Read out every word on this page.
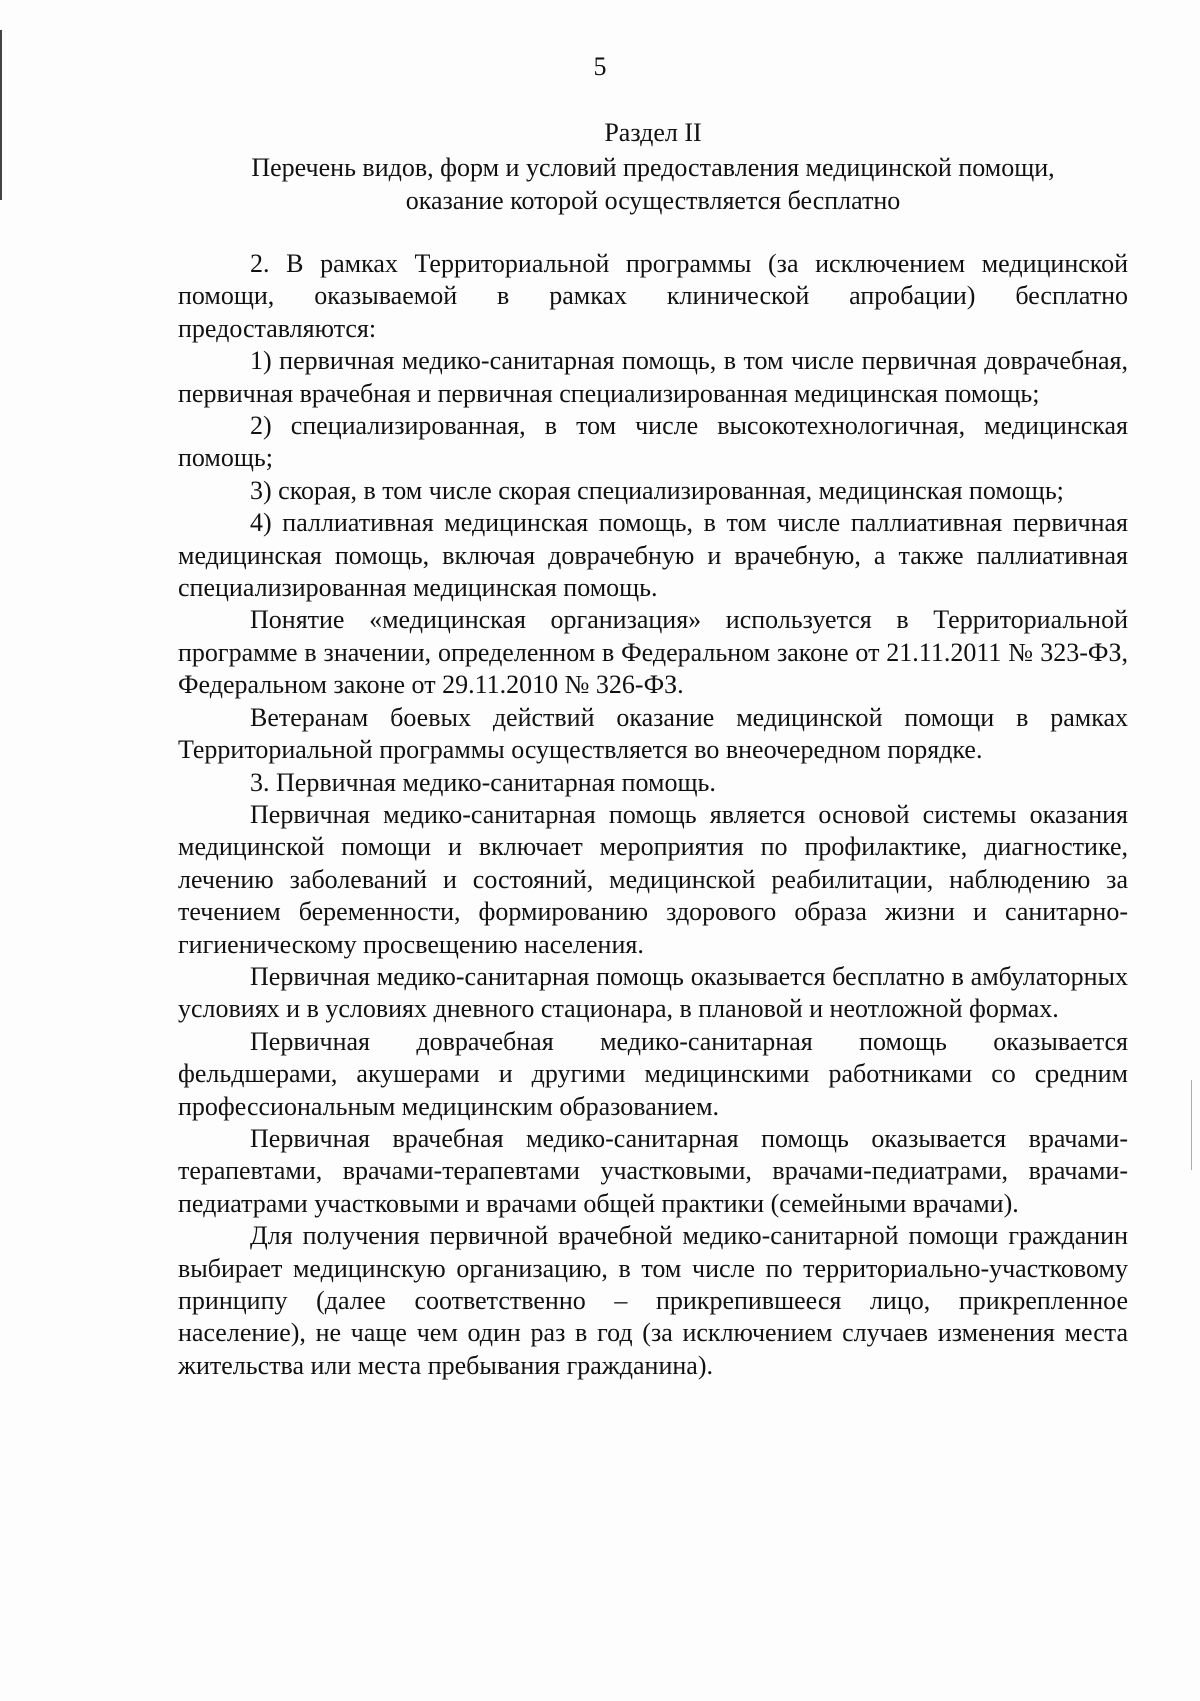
5
Раздел II
Перечень видов, форм и условий предоставления медицинской помощи,
оказание которой осуществляется бесплатно

2. В рамках Территориальной программы (за исключением медицинской помощи, оказываемой в рамках клинической апробации) бесплатно предоставляются:

1) первичная медико-санитарная помощь, в том числе первичная доврачебная, первичная врачебная и первичная специализированная медицинская помощь;

2) специализированная, в том числе высокотехнологичная, медицинская помощь;

3) скорая, в том числе скорая специализированная, медицинская помощь;

4) паллиативная медицинская помощь, в том числе паллиативная первичная медицинская помощь, включая доврачебную и врачебную, а также паллиативная специализированная медицинская помощь.

Понятие «медицинская организация» используется в Территориальной программе в значении, определенном в Федеральном законе от 21.11.2011 № 323-ФЗ, Федеральном законе от 29.11.2010 № 326-ФЗ.

Ветеранам боевых действий оказание медицинской помощи в рамках Территориальной программы осуществляется во внеочередном порядке.

3. Первичная медико-санитарная помощь.

Первичная медико-санитарная помощь является основой системы оказания медицинской помощи и включает мероприятия по профилактике, диагностике, лечению заболеваний и состояний, медицинской реабилитации, наблюдению за течением беременности, формированию здорового образа жизни и санитарно-гигиеническому просвещению населения.

Первичная медико-санитарная помощь оказывается бесплатно в амбулаторных условиях и в условиях дневного стационара, в плановой и неотложной формах.

Первичная доврачебная медико-санитарная помощь оказывается фельдшерами, акушерами и другими медицинскими работниками со средним профессиональным медицинским образованием.

Первичная врачебная медико-санитарная помощь оказывается врачами-терапевтами, врачами-терапевтами участковыми, врачами-педиатрами, врачами-педиатрами участковыми и врачами общей практики (семейными врачами).

Для получения первичной врачебной медико-санитарной помощи гражданин выбирает медицинскую организацию, в том числе по территориально-участковому принципу (далее соответственно – прикрепившееся лицо, прикрепленное население), не чаще чем один раз в год (за исключением случаев изменения места жительства или места пребывания гражданина).
